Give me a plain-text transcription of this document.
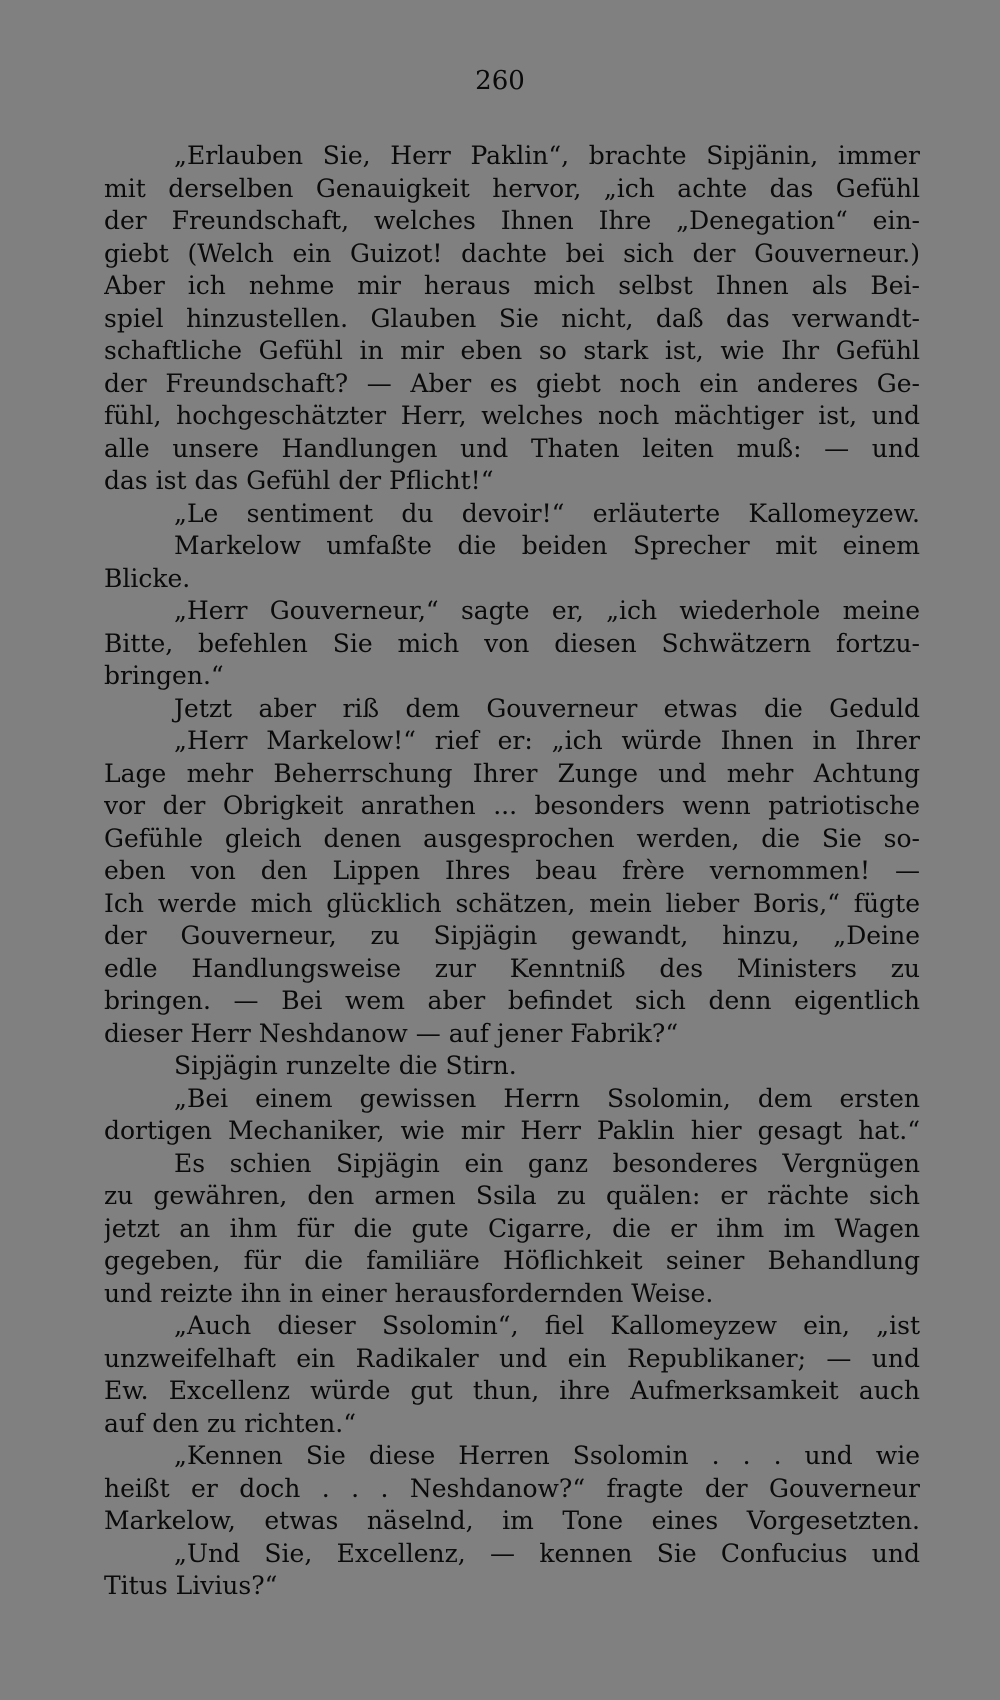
260
„Erlauben Sie, Herr Paklin“, brachte Sipjänin, immer
mit derselben Genauigkeit hervor, „ich achte das Gefühl
der Freundschaft, welches Ihnen Ihre „Denegation“ ein-
giebt (Welch ein Guizot! dachte bei sich der Gouverneur.)
Aber ich nehme mir heraus mich selbst Ihnen als Bei-
spiel hinzustellen. Glauben Sie nicht, daß das verwandt-
schaftliche Gefühl in mir eben so stark ist, wie Ihr Gefühl
der Freundschaft? — Aber es giebt noch ein anderes Ge-
fühl, hochgeschätzter Herr, welches noch mächtiger ist, und
alle unsere Handlungen und Thaten leiten muß: — und
das ist das Gefühl der Pflicht!“
„Le sentiment du devoir!“ erläuterte Kallomeyzew.
Markelow umfaßte die beiden Sprecher mit einem
Blicke.
„Herr Gouverneur,“ sagte er, „ich wiederhole meine
Bitte, befehlen Sie mich von diesen Schwätzern fortzu-
bringen.“
Jetzt aber riß dem Gouverneur etwas die Geduld
„Herr Markelow!“ rief er: „ich würde Ihnen in Ihrer
Lage mehr Beherrschung Ihrer Zunge und mehr Achtung
vor der Obrigkeit anrathen ... besonders wenn patriotische
Gefühle gleich denen ausgesprochen werden, die Sie so-
eben von den Lippen Ihres beau frère vernommen! —
Ich werde mich glücklich schätzen, mein lieber Boris,“ fügte
der Gouverneur, zu Sipjägin gewandt, hinzu, „Deine
edle Handlungsweise zur Kenntniß des Ministers zu
bringen. — Bei wem aber befindet sich denn eigentlich
dieser Herr Neshdanow — auf jener Fabrik?“
Sipjägin runzelte die Stirn.
„Bei einem gewissen Herrn Ssolomin, dem ersten
dortigen Mechaniker, wie mir Herr Paklin hier gesagt hat.“
Es schien Sipjägin ein ganz besonderes Vergnügen
zu gewähren, den armen Ssila zu quälen: er rächte sich
jetzt an ihm für die gute Cigarre, die er ihm im Wagen
gegeben, für die familiäre Höflichkeit seiner Behandlung
und reizte ihn in einer herausfordernden Weise.
„Auch dieser Ssolomin“, fiel Kallomeyzew ein, „ist
unzweifelhaft ein Radikaler und ein Republikaner; — und
Ew. Excellenz würde gut thun, ihre Aufmerksamkeit auch
auf den zu richten.“
„Kennen Sie diese Herren Ssolomin . . . und wie
heißt er doch . . . Neshdanow?“ fragte der Gouverneur
Markelow, etwas näselnd, im Tone eines Vorgesetzten.
„Und Sie, Excellenz, — kennen Sie Confucius und
Titus Livius?“
